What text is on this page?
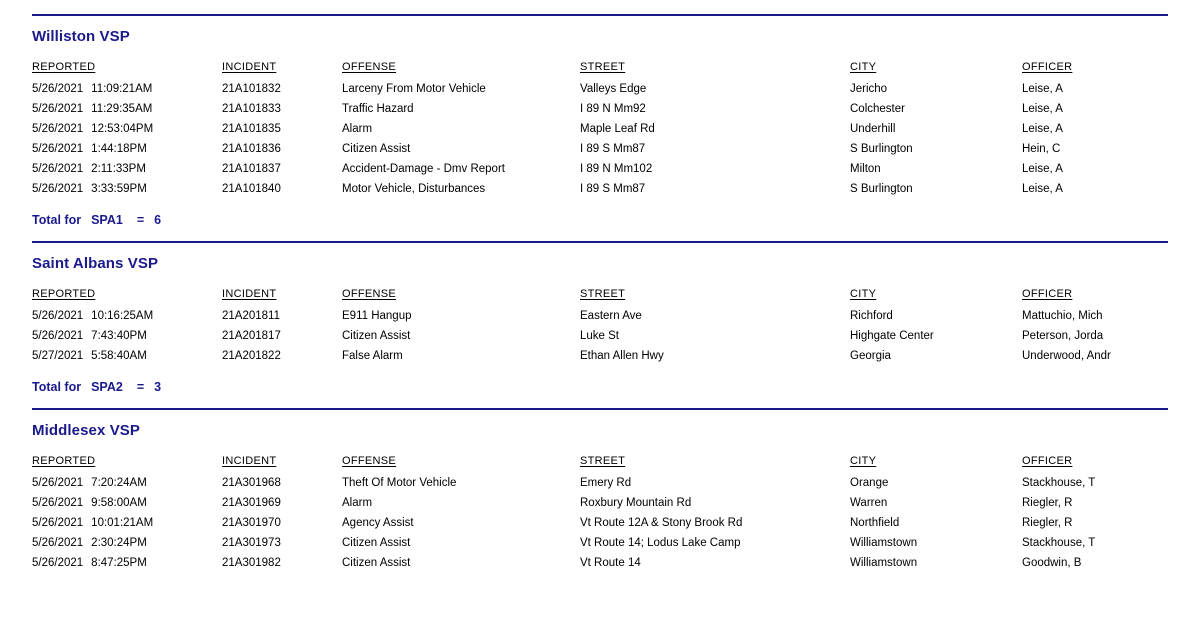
Williston VSP
REPORTED	INCIDENT	OFFENSE	STREET	CITY	OFFICER
5/26/2021 11:09:21AM	21A101832	Larceny From Motor Vehicle	Valleys Edge	Jericho	Leise, A
5/26/2021 11:29:35AM	21A101833	Traffic Hazard	I 89 N Mm92	Colchester	Leise, A
5/26/2021 12:53:04PM	21A101835	Alarm	Maple Leaf Rd	Underhill	Leise, A
5/26/2021 1:44:18PM	21A101836	Citizen Assist	I 89 S Mm87	S Burlington	Hein, C
5/26/2021 2:11:33PM	21A101837	Accident-Damage - Dmv Report	I 89 N Mm102	Milton	Leise, A
5/26/2021 3:33:59PM	21A101840	Motor Vehicle, Disturbances	I 89 S Mm87	S Burlington	Leise, A
Total for SPA1 = 6
Saint Albans VSP
REPORTED	INCIDENT	OFFENSE	STREET	CITY	OFFICER
5/26/2021 10:16:25AM	21A201811	E911 Hangup	Eastern Ave	Richford	Mattuchio, Mich
5/26/2021 7:43:40PM	21A201817	Citizen Assist	Luke St	Highgate Center	Peterson, Jorda
5/27/2021 5:58:40AM	21A201822	False Alarm	Ethan Allen Hwy	Georgia	Underwood, Andr
Total for SPA2 = 3
Middlesex VSP
REPORTED	INCIDENT	OFFENSE	STREET	CITY	OFFICER
5/26/2021 7:20:24AM	21A301968	Theft Of Motor Vehicle	Emery Rd	Orange	Stackhouse, T
5/26/2021 9:58:00AM	21A301969	Alarm	Roxbury Mountain Rd	Warren	Riegler, R
5/26/2021 10:01:21AM	21A301970	Agency Assist	Vt Route 12A & Stony Brook Rd	Northfield	Riegler, R
5/26/2021 2:30:24PM	21A301973	Citizen Assist	Vt Route 14; Lodus Lake Camp	Williamstown	Stackhouse, T
5/26/2021 8:47:25PM	21A301982	Citizen Assist	Vt Route 14	Williamstown	Goodwin, B
